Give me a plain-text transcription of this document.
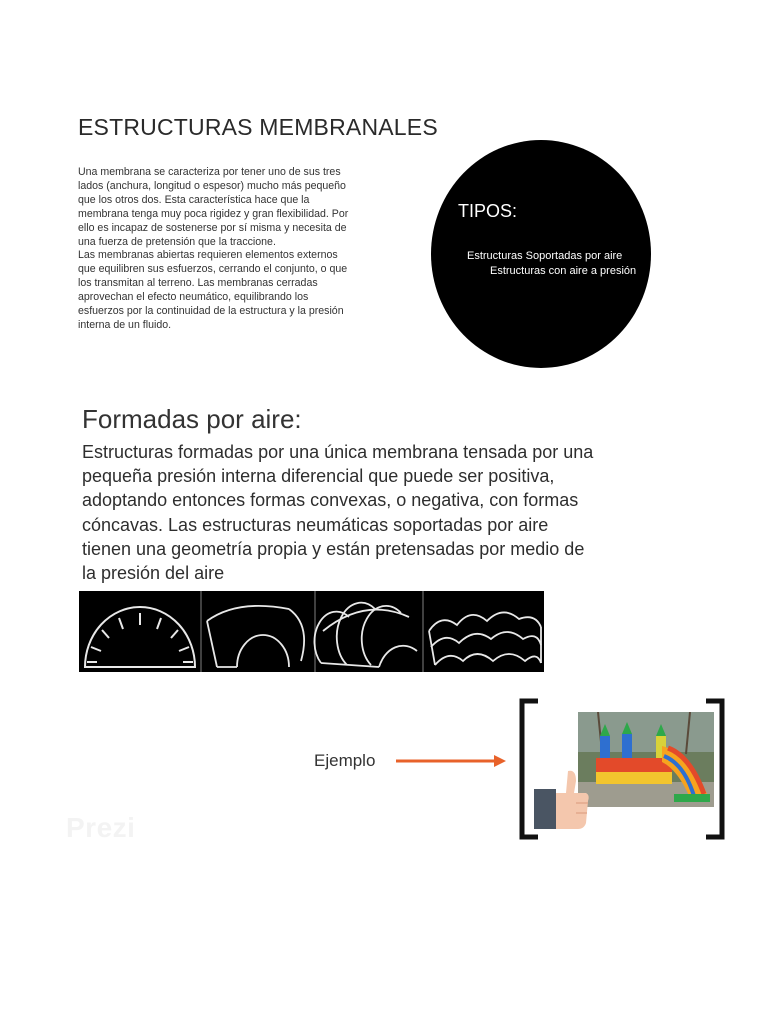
ESTRUCTURAS MEMBRANALES

Una membrana se caracteriza por tener uno de sus tres lados (anchura, longitud o espesor) mucho más pequeño que los otros dos. Esta característica hace que la membrana tenga muy poca rigidez y gran flexibilidad. Por ello es incapaz de sostenerse por sí misma y necesita de una fuerza de pretensión que la traccione.

Las membranas abiertas requieren elementos externos que equilibren sus esfuerzos, cerrando el conjunto, o que los transmitan al terreno. Las membranas cerradas aprovechan el efecto neumático, equilibrando los esfuerzos por la continuidad de la estructura y la presión interna de un fluido.

TIPOS:
Estructuras Soportadas por aire
Estructuras con aire a presión
Formadas por aire:
Estructuras formadas por una única membrana tensada por una pequeña presión interna diferencial que puede ser positiva, adoptando entonces formas convexas, o negativa, con formas cóncavas. Las estructuras neumáticas soportadas por aire tienen una geometría propia y están pretensadas por medio de la presión del aire
Ejemplo
Prezi
